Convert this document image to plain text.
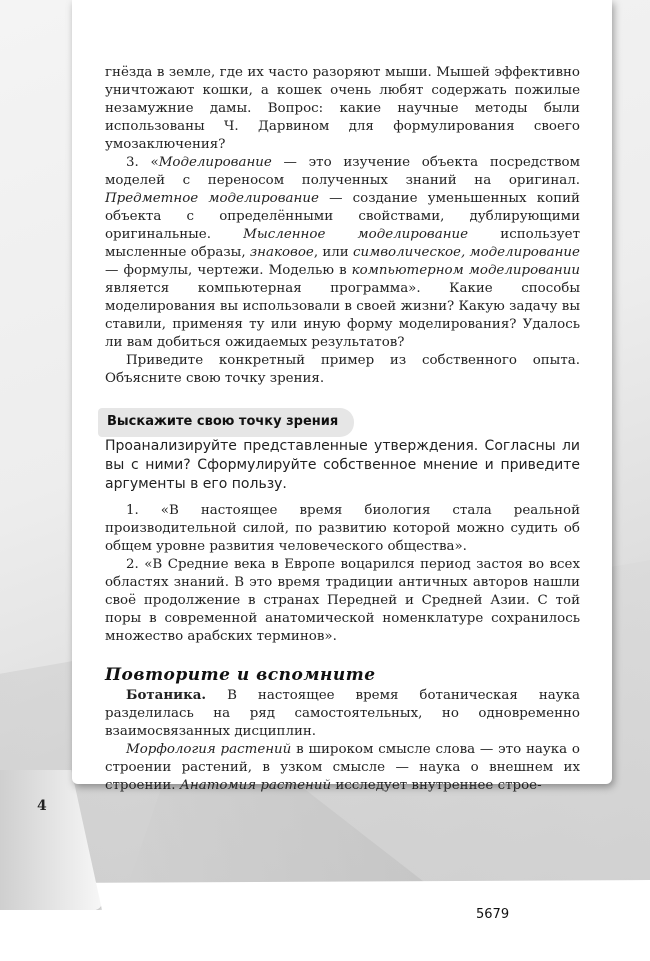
4

гнёзда в земле, где их часто разоряют мыши. Мышей эффективно уничтожают кошки, а кошек очень любят содержать пожилые незамужние дамы. Вопрос: какие научные методы были использованы Ч. Дарвином для формулирования своего умозаключения?

3. «Моделирование — это изучение объекта посредством моделей с переносом полученных знаний на оригинал. Предметное моделирование — создание уменьшенных копий объекта с определёнными свойствами, дублирующими оригинальные. Мысленное моделирование использует мысленные образы, знаковое, или символическое, моделирование — формулы, чертежи. Моделью в компьютерном моделировании является компьютерная программа». Какие способы моделирования вы использовали в своей жизни? Какую задачу вы ставили, применяя ту или иную форму моделирования? Удалось ли вам добиться ожидаемых результатов?

Приведите конкретный пример из собственного опыта. Объясните свою точку зрения.

Выскажите свою точку зрения

Проанализируйте представленные утверждения. Согласны ли вы с ними? Сформулируйте собственное мнение и приведите аргументы в его пользу.

1. «В настоящее время биология стала реальной производительной силой, по развитию которой можно судить об общем уровне развития человеческого общества».

2. «В Средние века в Европе воцарился период застоя во всех областях знаний. В это время традиции античных авторов нашли своё продолжение в странах Передней и Средней Азии. С той поры в современной анатомической номенклатуре сохранилось множество арабских терминов».

Повторите и вспомните

Ботаника. В настоящее время ботаническая наука разделилась на ряд самостоятельных, но одновременно взаимосвязанных дисциплин.

Морфология растений в широком смысле слова — это наука о строении растений, в узком смысле — наука о внешнем их строении. Анатомия растений исследует внутреннее строе-

5679
